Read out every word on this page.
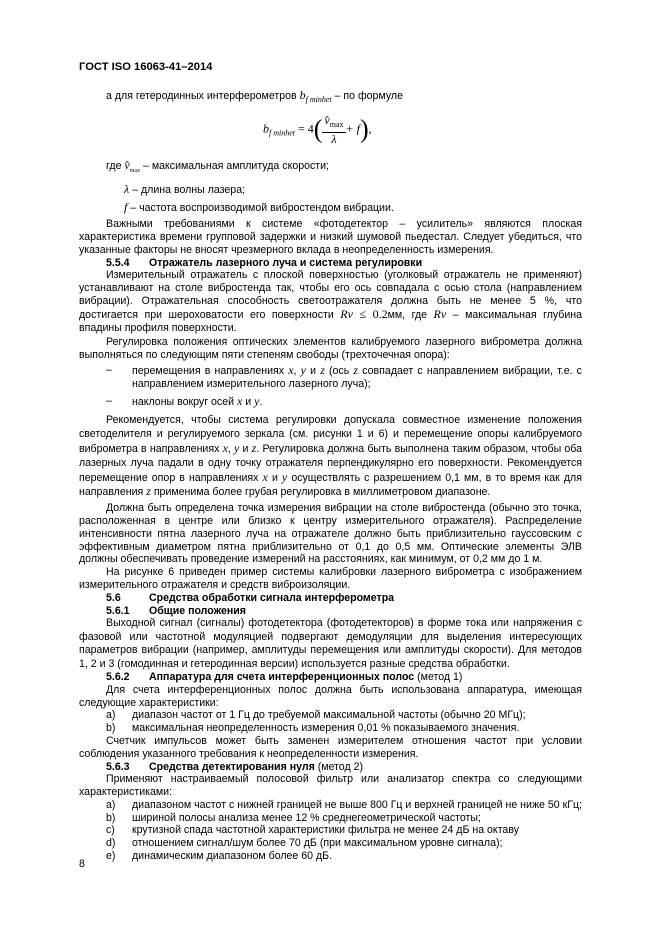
ГОСТ ISO 16063-41–2014

а для гетеродинных интерферометров $b_{f minhet}$ – по формуле

$b_{f minhet} = 4( \frac{v̂_{max}}{\lambda} + f)$,

где $v̂_{max}$ – максимальная амплитуда скорости;

λ – длина волны лазера;

f – частота воспроизводимой вибростендом вибрации.

Важными требованиями к системе «фотодетектор – усилитель» являются плоская характеристика времени групповой задержки и низкий шумовой пьедестал. Следует убедиться, что указанные факторы не вносят чрезмерного вклада в неопределенность измерения.

5.5.4 Отражатель лазерного луча и система регулировки

Измерительный отражатель с плоской поверхностью (уголковый отражатель не применяют) устанавливают на столе вибростенда так, чтобы его ось совпадала с осью стола (направлением вибрации). Отражательная способность светоотражателя должна быть не менее 5 %, что достигается при шероховатости его поверхности Rv ≤ 0.2мм, где Rv – максимальная глубина впадины профиля поверхности.

Регулировка положения оптических элементов калибруемого лазерного виброметра должна выполняться по следующим пяти степеням свободы (трехточечная опора):

–	перемещения в направлениях x, y и z (ось z совпадает с направлением вибрации, т.е. с направлением измерительного лазерного луча);
–	наклоны вокруг осей x и y.

Рекомендуется, чтобы система регулировки допускала совместное изменение положения светоделителя и регулируемого зеркала (см. рисунки 1 и 6) и перемещение опоры калибруемого виброметра в направлениях x, y и z. Регулировка должна быть выполнена таким образом, чтобы оба лазерных луча падали в одну точку отражателя перпендикулярно его поверхности. Рекомендуется перемещение опор в направлениях x и y осуществлять с разрешением 0,1 мм, в то время как для направления z применима более грубая регулировка в миллиметровом диапазоне.

Должна быть определена точка измерения вибрации на столе вибростенда (обычно это точка, расположенная в центре или близко к центру измерительного отражателя). Распределение интенсивности пятна лазерного луча на отражателе должно быть приблизительно гауссовским с эффективным диаметром пятна приблизительно от 0,1 до 0,5 мм. Оптические элементы ЭЛВ должны обеспечивать проведение измерений на расстояниях, как минимум, от 0,2 мм до 1 м.

На рисунке 6 приведен пример системы калибровки лазерного виброметра с изображением измерительного отражателя и средств виброизоляции.

5.6	Средства обработки сигнала интерферометра

5.6.1 Общие положения

Выходной сигнал (сигналы) фотодетектора (фотодетекторов) в форме тока или напряжения с фазовой или частотной модуляцией подвергают демодуляции для выделения интересующих параметров вибрации (например, амплитуды перемещения или амплитуды скорости). Для методов 1, 2 и 3 (гомодинная и гетеродинная версии) используется разные средства обработки.

5.6.2 Аппаратура для счета интерференционных полос (метод 1)

Для счета интерференционных полос должна быть использована аппаратура, имеющая следующие характеристики:

a)	диапазон частот от 1 Гц до требуемой максимальной частоты (обычно 20 МГц);
b)	максимальная неопределенность измерения 0,01 % показываемого значения.

Счетчик импульсов может быть заменен измерителем отношения частот при условии соблюдения указанного требования к неопределенности измерения.

5.6.3 Средства детектирования нуля (метод 2)

Применяют настраиваемый полосовой фильтр или анализатор спектра со следующими характеристиками:

a)	диапазоном частот с нижней границей не выше 800 Гц и верхней границей не ниже 50 кГц;
b)	шириной полосы анализа менее 12 % среднегеометрической частоты;
c)	крутизной спада частотной характеристики фильтра не менее 24 дБ на октаву
d)	отношением сигнал/шум более 70 дБ (при максимальном уровне сигнала);
e)	динамическим диапазоном более 60 дБ.
8
